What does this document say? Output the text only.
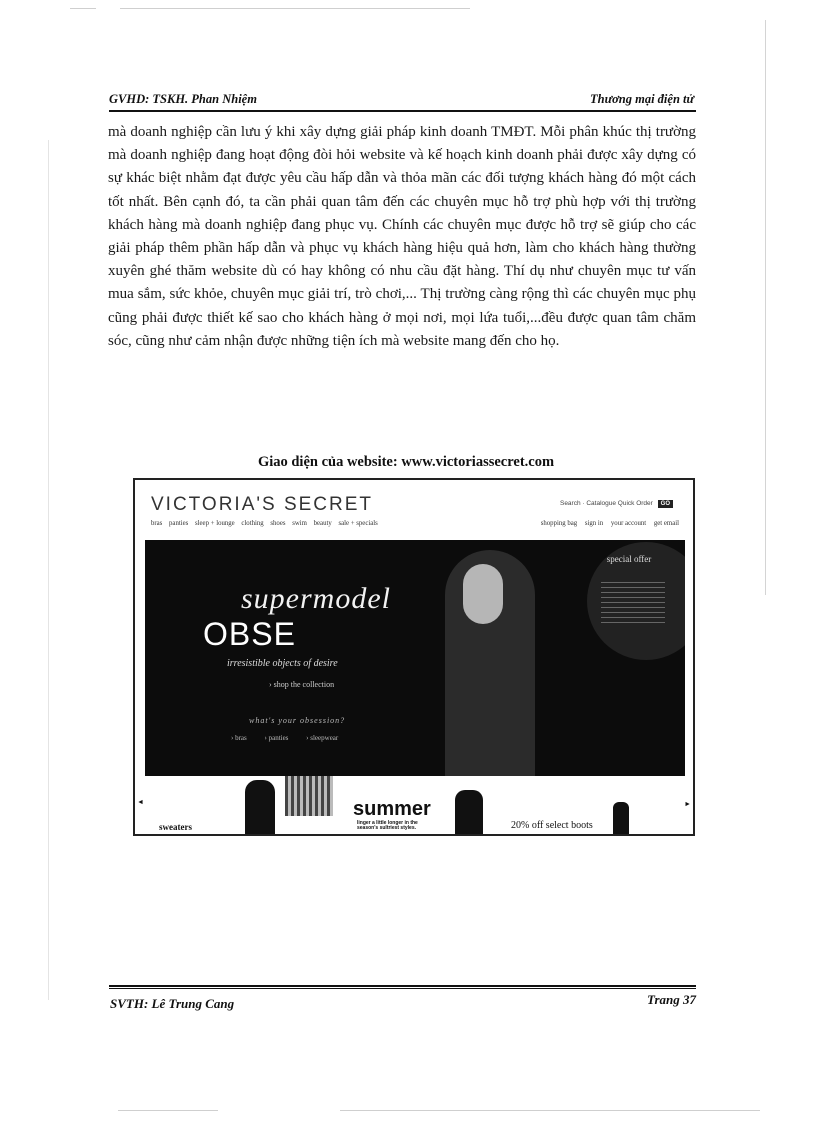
GVHD: TSKH. Phan Nhiệm	Thương mại điện tử

mà doanh nghiệp cần lưu ý khi xây dựng giải pháp kinh doanh TMĐT. Mỗi phân khúc thị trường mà doanh nghiệp đang hoạt động đòi hỏi website và kế hoạch kinh doanh phải được xây dựng có sự khác biệt nhằm đạt được yêu cầu hấp dẫn và thỏa mãn các đối tượng khách hàng đó một cách tốt nhất. Bên cạnh đó, ta cần phải quan tâm đến các chuyên mục hỗ trợ phù hợp với thị trường khách hàng mà doanh nghiệp đang phục vụ. Chính các chuyên mục được hỗ trợ sẽ giúp cho các giải pháp thêm phần hấp dẫn và phục vụ khách hàng hiệu quả hơn, làm cho khách hàng thường xuyên ghé thăm website dù có hay không có nhu cầu đặt hàng. Thí dụ như chuyên mục tư vấn mua sắm, sức khỏe, chuyên mục giải trí, trò chơi,... Thị trường càng rộng thì các chuyên mục phụ cũng phải được thiết kế sao cho khách hàng ở mọi nơi, mọi lứa tuổi,...đều được quan tâm chăm sóc, cũng như cảm nhận được những tiện ích mà website mang đến cho họ.

Giao diện của website: www.victoriassecret.com
VICTORIA'S SECRET	Search · Catalogue Quick Order GO
bras panties sleep + lounge clothing shoes swim beauty sale + specials	shopping bag sign in your account get email
supermodel
OBSE
irresistible objects of desire
› shop the collection
what's your obsession?
› bras	› panties	› sleepwear
special offer
◄
sweaters
summer
linger a little longer in the season's sultriest styles.	20% off select boots
►
SVTH: Lê Trung Cang	Trang 37
